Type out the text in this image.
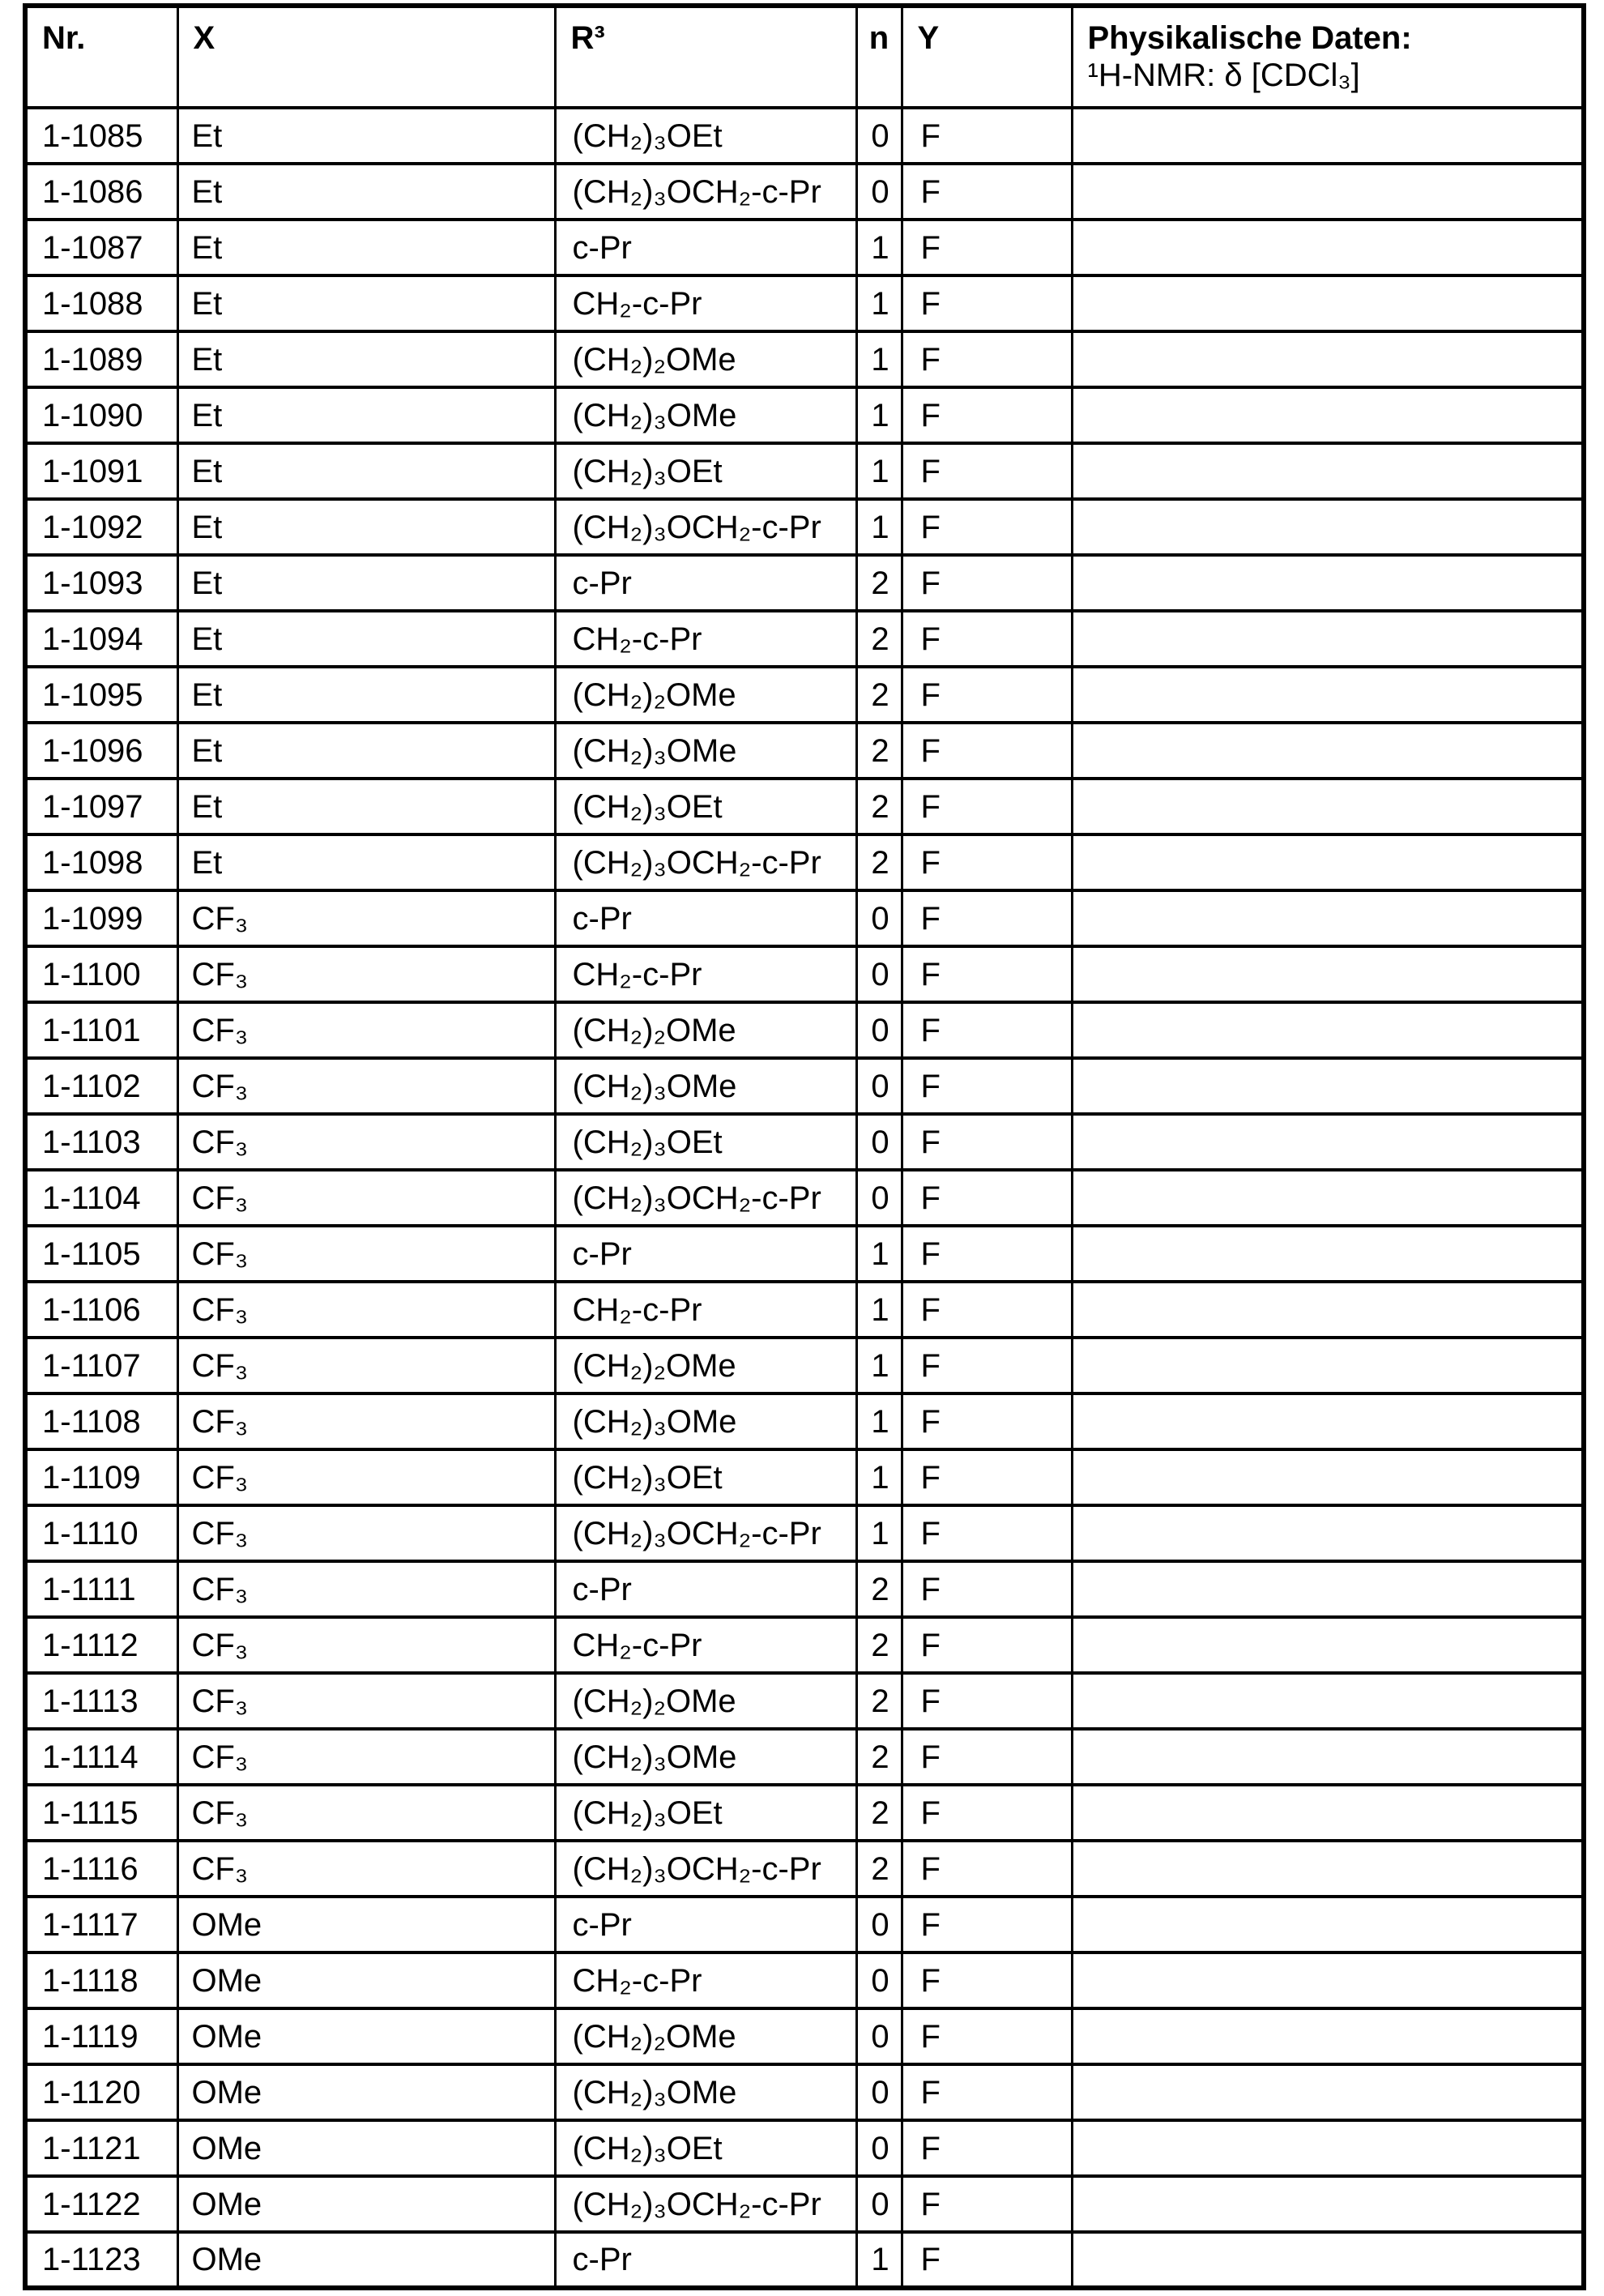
Nr.	X	R³	n	Y	Physikalische Daten:
¹H-NMR: δ [CDCl₃]

1-1085	Et	(CH₂)₃OEt	0	F	
1-1086	Et	(CH₂)₃OCH₂-c-Pr	0	F	
1-1087	Et	c-Pr	1	F	
1-1088	Et	CH₂-c-Pr	1	F	
1-1089	Et	(CH₂)₂OMe	1	F	
1-1090	Et	(CH₂)₃OMe	1	F	
1-1091	Et	(CH₂)₃OEt	1	F	
1-1092	Et	(CH₂)₃OCH₂-c-Pr	1	F	
1-1093	Et	c-Pr	2	F	
1-1094	Et	CH₂-c-Pr	2	F	
1-1095	Et	(CH₂)₂OMe	2	F	
1-1096	Et	(CH₂)₃OMe	2	F	
1-1097	Et	(CH₂)₃OEt	2	F	
1-1098	Et	(CH₂)₃OCH₂-c-Pr	2	F	
1-1099	CF₃	c-Pr	0	F	
1-1100	CF₃	CH₂-c-Pr	0	F	
1-1101	CF₃	(CH₂)₂OMe	0	F	
1-1102	CF₃	(CH₂)₃OMe	0	F	
1-1103	CF₃	(CH₂)₃OEt	0	F	
1-1104	CF₃	(CH₂)₃OCH₂-c-Pr	0	F	
1-1105	CF₃	c-Pr	1	F	
1-1106	CF₃	CH₂-c-Pr	1	F	
1-1107	CF₃	(CH₂)₂OMe	1	F	
1-1108	CF₃	(CH₂)₃OMe	1	F	
1-1109	CF₃	(CH₂)₃OEt	1	F	
1-1110	CF₃	(CH₂)₃OCH₂-c-Pr	1	F	
1-1111	CF₃	c-Pr	2	F	
1-1112	CF₃	CH₂-c-Pr	2	F	
1-1113	CF₃	(CH₂)₂OMe	2	F	
1-1114	CF₃	(CH₂)₃OMe	2	F	
1-1115	CF₃	(CH₂)₃OEt	2	F	
1-1116	CF₃	(CH₂)₃OCH₂-c-Pr	2	F	
1-1117	OMe	c-Pr	0	F	
1-1118	OMe	CH₂-c-Pr	0	F	
1-1119	OMe	(CH₂)₂OMe	0	F	
1-1120	OMe	(CH₂)₃OMe	0	F	
1-1121	OMe	(CH₂)₃OEt	0	F	
1-1122	OMe	(CH₂)₃OCH₂-c-Pr	0	F	
1-1123	OMe	c-Pr	1	F	
